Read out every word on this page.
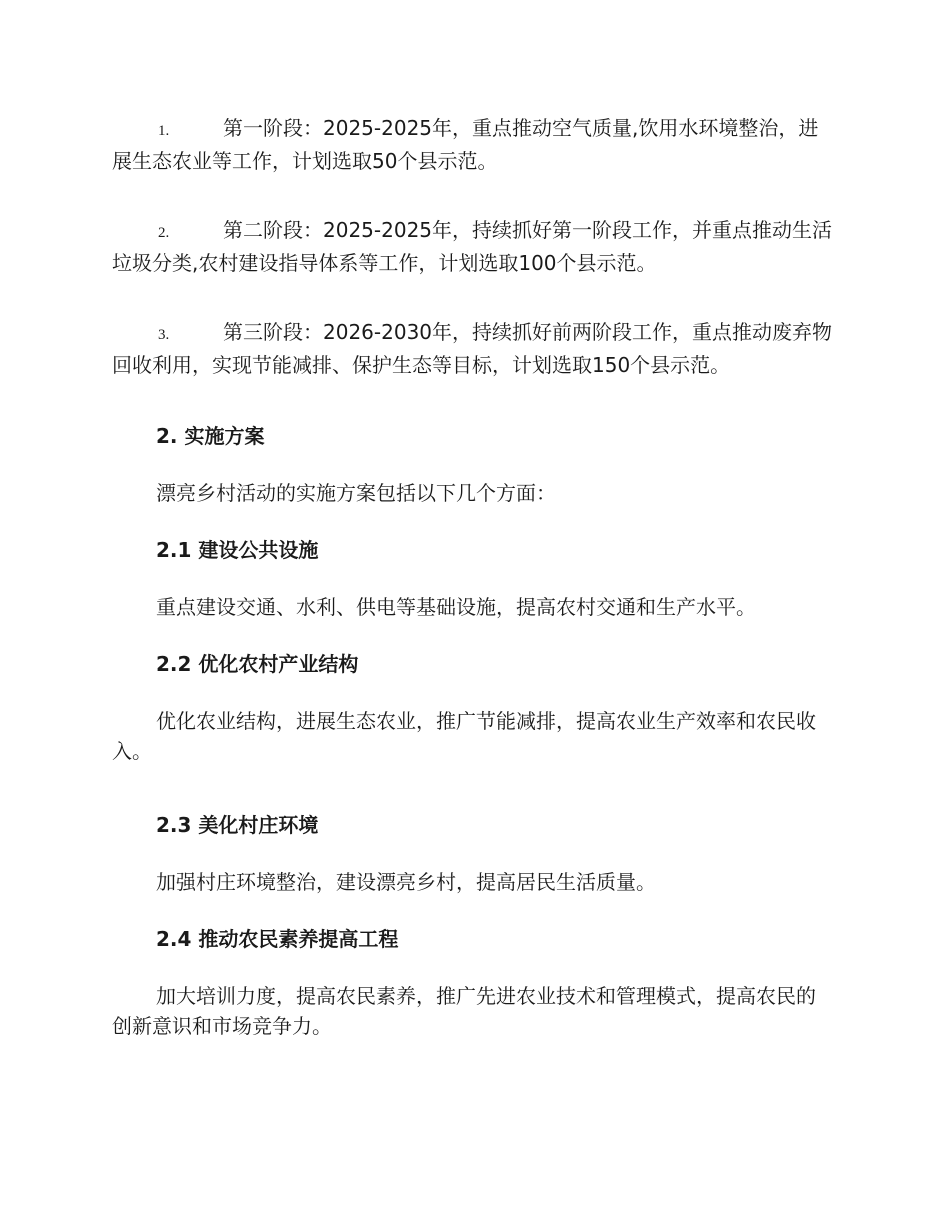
1.	第一阶段：2025-2025年，重点推动空气质量,饮用水环境整治，进展生态农业等工作，计划选取50个县示范。

2.	第二阶段：2025-2025年，持续抓好第一阶段工作，并重点推动生活垃圾分类,农村建设指导体系等工作，计划选取100个县示范。

3.	第三阶段：2026-2030年，持续抓好前两阶段工作，重点推动废弃物回收利用，实现节能减排、保护生态等目标，计划选取150个县示范。

2. 实施方案

漂亮乡村活动的实施方案包括以下几个方面：

2.1 建设公共设施

重点建设交通、水利、供电等基础设施，提高农村交通和生产水平。

2.2 优化农村产业结构

优化农业结构，进展生态农业，推广节能减排，提高农业生产效率和农民收入。

2.3 美化村庄环境

加强村庄环境整治，建设漂亮乡村，提高居民生活质量。

2.4 推动农民素养提高工程

加大培训力度，提高农民素养，推广先进农业技术和管理模式，提高农民的创新意识和市场竞争力。
